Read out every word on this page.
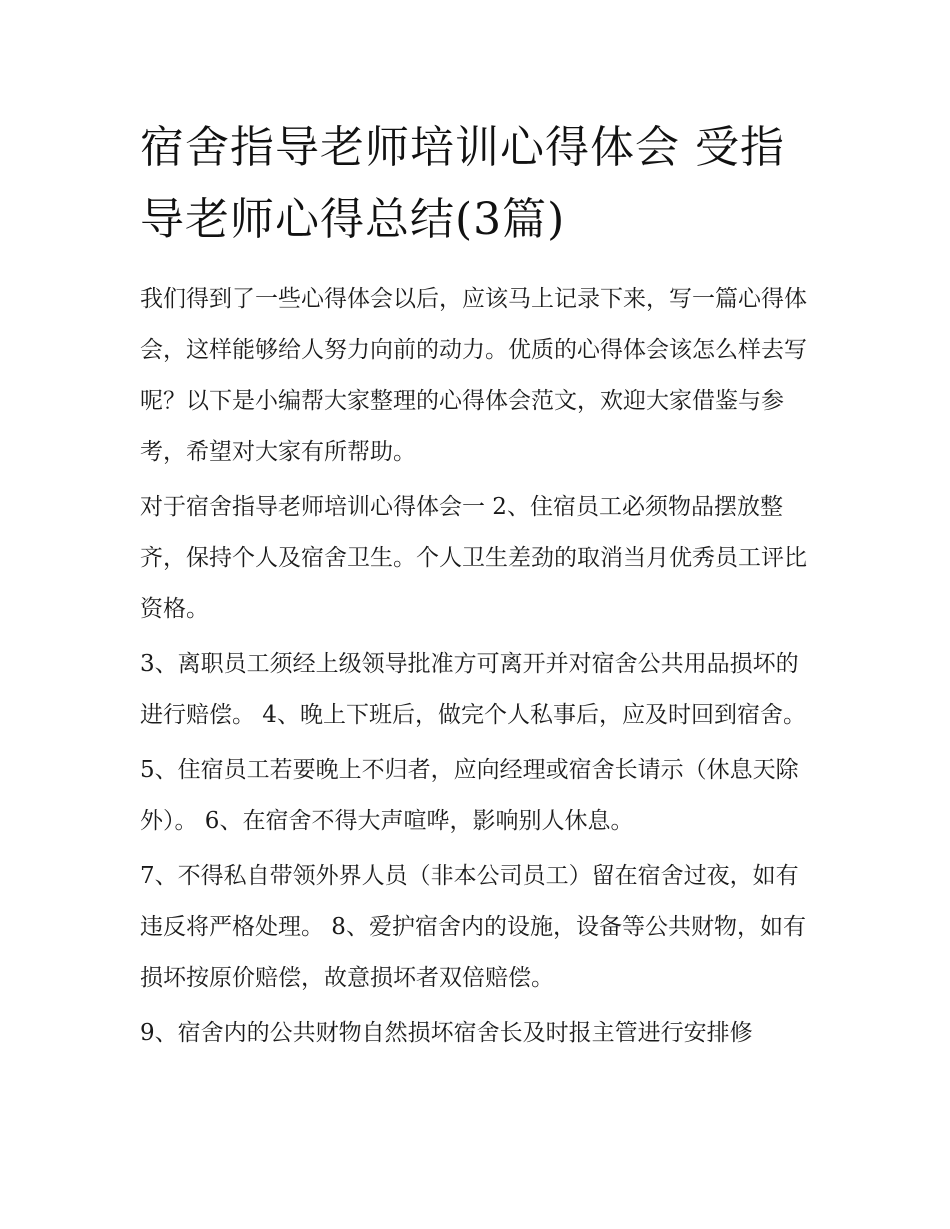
宿舍指导老师培训心得体会 受指导老师心得总结(3篇)

我们得到了一些心得体会以后，应该马上记录下来，写一篇心得体会，这样能够给人努力向前的动力。优质的心得体会该怎么样去写呢？以下是小编帮大家整理的心得体会范文，欢迎大家借鉴与参考，希望对大家有所帮助。

对于宿舍指导老师培训心得体会一 2、住宿员工必须物品摆放整齐，保持个人及宿舍卫生。个人卫生差劲的取消当月优秀员工评比资格。

3、离职员工须经上级领导批准方可离开并对宿舍公共用品损坏的进行赔偿。 4、晚上下班后，做完个人私事后，应及时回到宿舍。

5、住宿员工若要晚上不归者，应向经理或宿舍长请示（休息天除外）。 6、在宿舍不得大声喧哗，影响别人休息。

7、不得私自带领外界人员（非本公司员工）留在宿舍过夜，如有违反将严格处理。 8、爱护宿舍内的设施，设备等公共财物，如有损坏按原价赔偿，故意损坏者双倍赔偿。

9、宿舍内的公共财物自然损坏宿舍长及时报主管进行安排修
